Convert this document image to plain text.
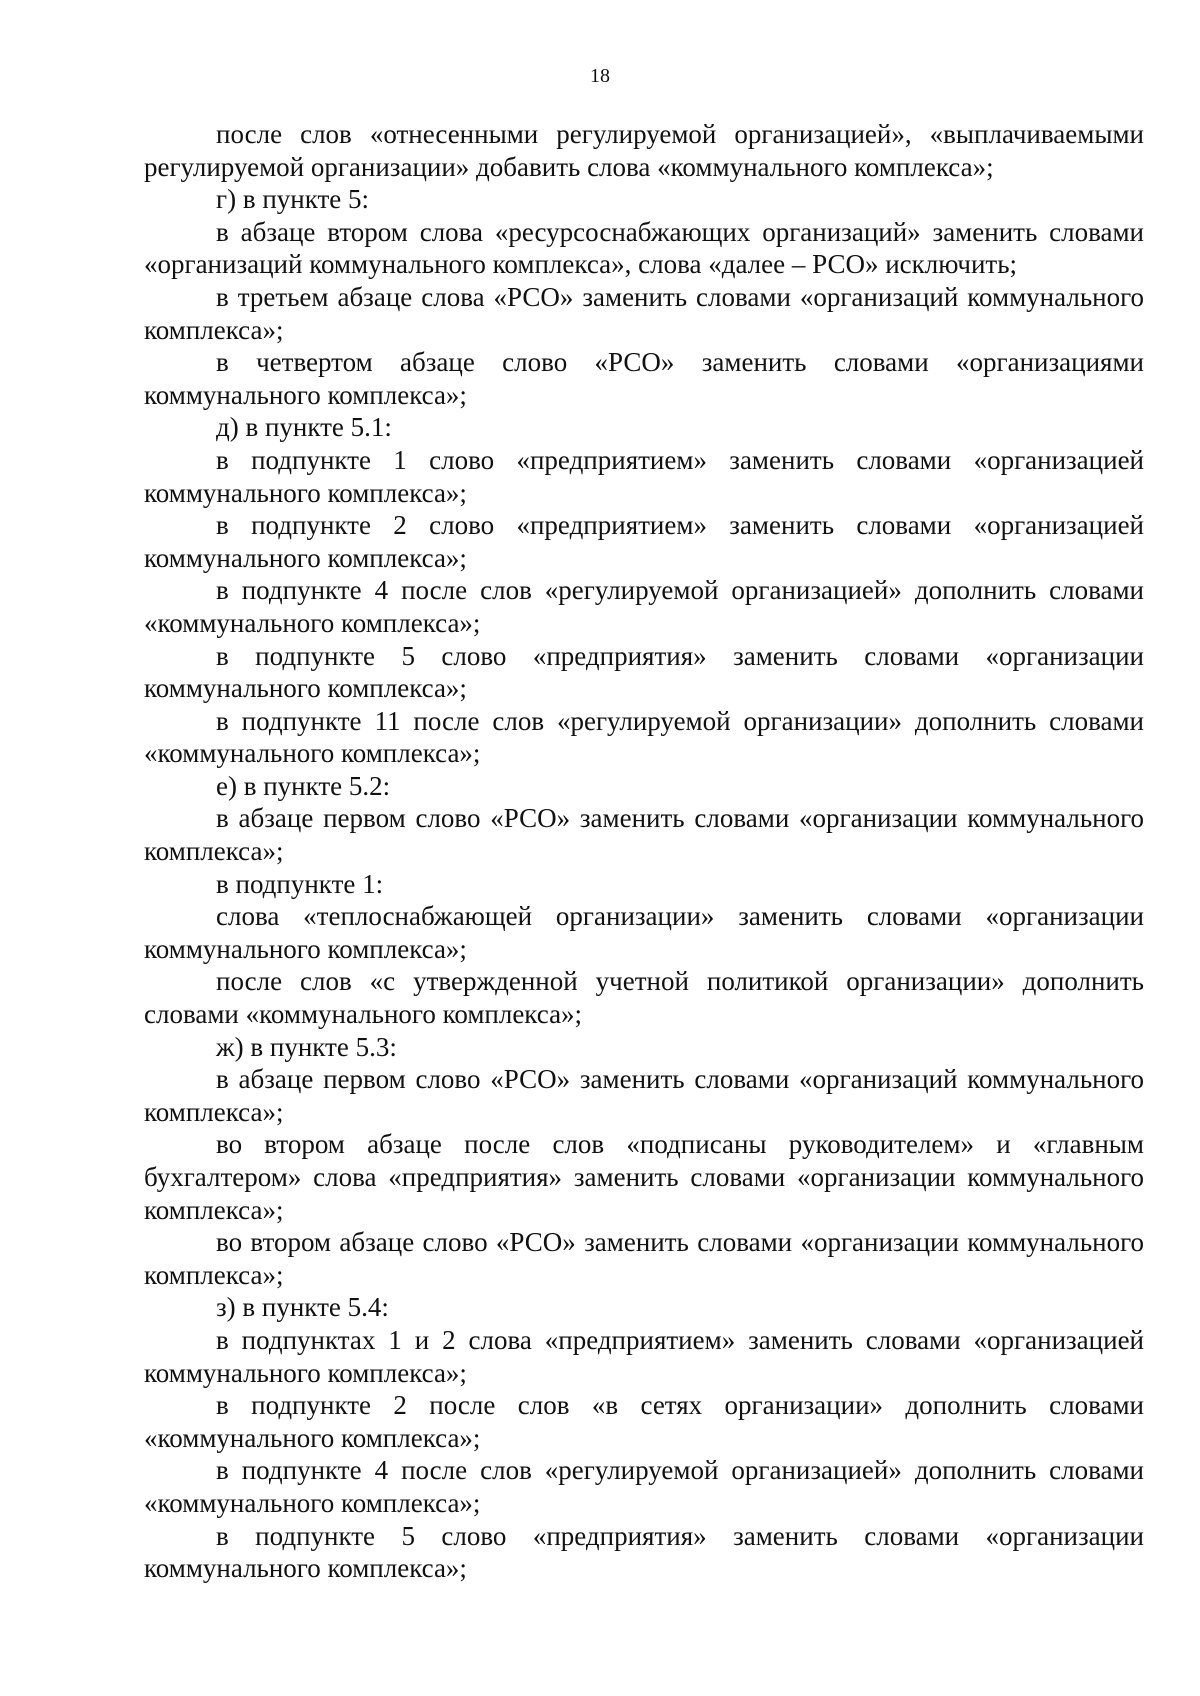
18

после слов «отнесенными регулируемой организацией», «выплачиваемыми регулируемой организации» добавить слова «коммунального комплекса»;

г) в пункте 5:

в абзаце втором слова «ресурсоснабжающих организаций» заменить словами «организаций коммунального комплекса», слова «далее – РСО» исключить;

в третьем абзаце слова «РСО» заменить словами «организаций коммунального комплекса»;

в четвертом абзаце слово «РСО» заменить словами «организациями коммунального комплекса»;

д) в пункте 5.1:

в подпункте 1 слово «предприятием» заменить словами «организацией коммунального комплекса»;

в подпункте 2 слово «предприятием» заменить словами «организацией коммунального комплекса»;

в подпункте 4 после слов «регулируемой организацией» дополнить словами «коммунального комплекса»;

в подпункте 5 слово «предприятия» заменить словами «организации коммунального комплекса»;

в подпункте 11 после слов «регулируемой организации» дополнить словами «коммунального комплекса»;

е) в пункте 5.2:

в абзаце первом слово «РСО» заменить словами «организации коммунального комплекса»;

в подпункте 1:

слова «теплоснабжающей организации» заменить словами «организации коммунального комплекса»;

после слов «с утвержденной учетной политикой организации» дополнить словами «коммунального комплекса»;

ж) в пункте 5.3:

в абзаце первом слово «РСО» заменить словами «организаций коммунального комплекса»;

во втором абзаце после слов «подписаны руководителем» и «главным бухгалтером» слова «предприятия» заменить словами «организации коммунального комплекса»;

во втором абзаце слово «РСО» заменить словами «организации коммунального комплекса»;

з) в пункте 5.4:

в подпунктах 1 и 2 слова «предприятием» заменить словами «организацией коммунального комплекса»;

в подпункте 2 после слов «в сетях организации» дополнить словами «коммунального комплекса»;

в подпункте 4 после слов «регулируемой организацией» дополнить словами «коммунального комплекса»;

в подпункте 5 слово «предприятия» заменить словами «организации коммунального комплекса»;
